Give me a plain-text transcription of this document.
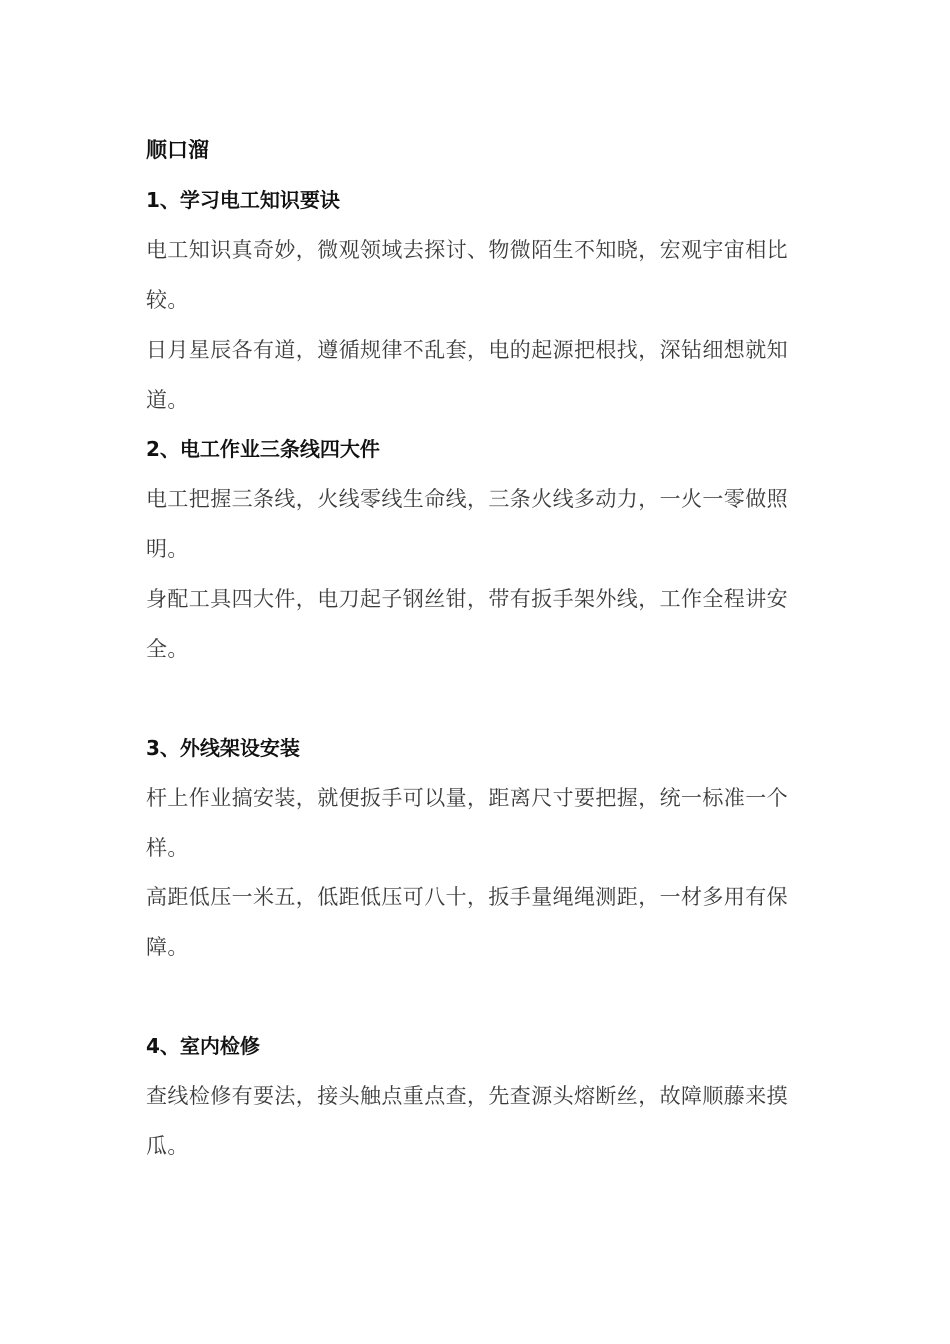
顺口溜
1、学习电工知识要诀

电工知识真奇妙，微观领域去探讨、物微陌生不知晓，宏观宇宙相比较。

日月星辰各有道，遵循规律不乱套，电的起源把根找，深钻细想就知道。

2、电工作业三条线四大件

电工把握三条线，火线零线生命线，三条火线多动力，一火一零做照明。

身配工具四大件，电刀起子钢丝钳，带有扳手架外线，工作全程讲安全。

3、外线架设安装

杆上作业搞安装，就便扳手可以量，距离尺寸要把握，统一标准一个样。

高距低压一米五，低距低压可八十，扳手量绳绳测距，一材多用有保障。

4、室内检修

查线检修有要法，接头触点重点查，先查源头熔断丝，故障顺藤来摸瓜。
